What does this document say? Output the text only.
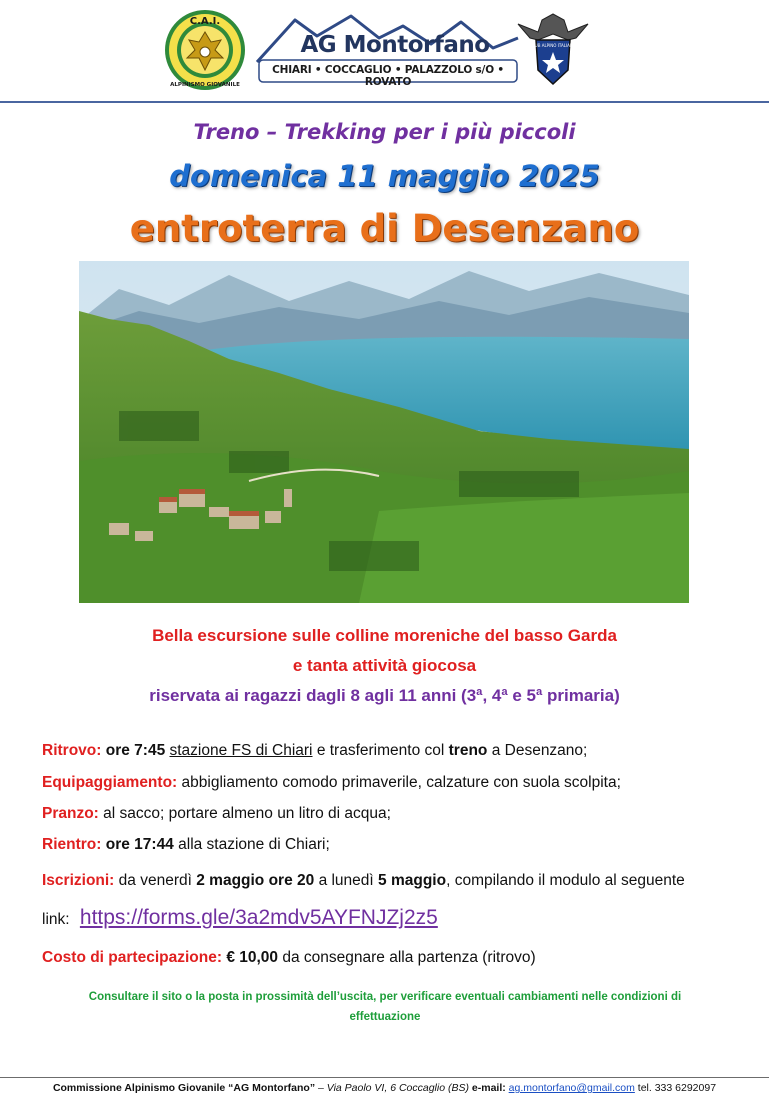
C.A.I.
ALPINISMO GIOVANILE
AG Montorfano
CHIARI • COCCAGLIO • PALAZZOLO s/O • ROVATO
CLUB ALPINO ITALIANO
Treno – Trekking per i più piccoli
domenica 11 maggio 2025
entroterra di Desenzano
Bella escursione sulle colline moreniche del basso Garda
e tanta attività giocosa
riservata ai ragazzi dagli 8 agli 11 anni (3ª, 4ª e 5ª primaria)
Ritrovo: ore 7:45 stazione FS di Chiari e trasferimento col treno a Desenzano;
Equipaggiamento: abbigliamento comodo primaverile, calzature con suola scolpita;
Pranzo: al sacco; portare almeno un litro di acqua;
Rientro: ore 17:44 alla stazione di Chiari;
Iscrizioni: da venerdì 2 maggio ore 20 a lunedì 5 maggio, compilando il modulo al seguente
link: https://forms.gle/3a2mdv5AYFNJZj2z5
Costo di partecipazione: € 10,00 da consegnare alla partenza (ritrovo)
Consultare il sito o la posta in prossimità dell’uscita, per verificare eventuali cambiamenti nelle condizioni di
effettuazione
Commissione Alpinismo Giovanile “AG Montorfano” – Via Paolo VI, 6 Coccaglio (BS) e-mail: ag.montorfano@gmail.com tel. 333 6292097
